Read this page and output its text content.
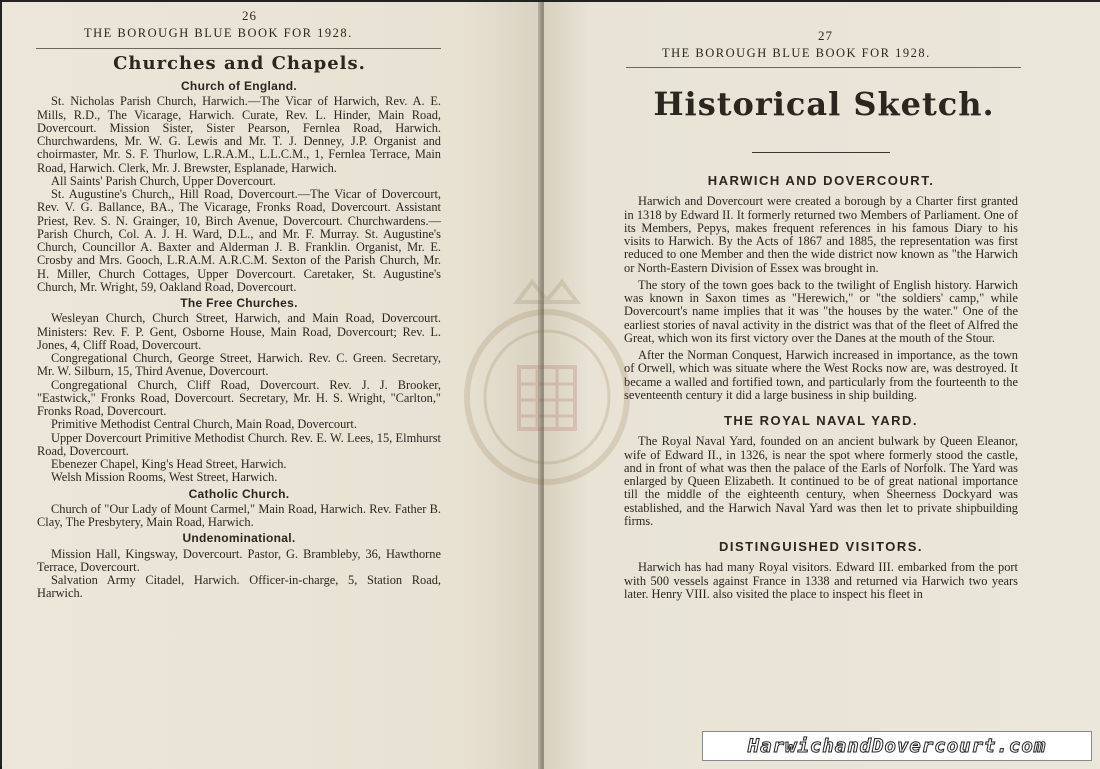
26
THE BOROUGH BLUE BOOK FOR 1928.
Churches and Chapels.
Church of England.

St. Nicholas Parish Church, Harwich.—The Vicar of Harwich, Rev. A. E. Mills, R.D., The Vicarage, Harwich. Curate, Rev. L. Hinder, Main Road, Dovercourt. Mission Sister, Sister Pearson, Fernlea Road, Harwich. Churchwardens, Mr. W. G. Lewis and Mr. T. J. Denney, J.P. Organist and choirmaster, Mr. S. F. Thurlow, L.R.A.M., L.L.C.M., 1, Fernlea Terrace, Main Road, Harwich. Clerk, Mr. J. Brewster, Esplanade, Harwich.

All Saints' Parish Church, Upper Dovercourt.

St. Augustine's Church,, Hill Road, Dovercourt.—The Vicar of Dovercourt, Rev. V. G. Ballance, BA., The Vicarage, Fronks Road, Dovercourt. Assistant Priest, Rev. S. N. Grainger, 10, Birch Avenue, Dovercourt. Churchwardens.—Parish Church, Col. A. J. H. Ward, D.L., and Mr. F. Murray. St. Augustine's Church, Councillor A. Baxter and Alderman J. B. Franklin. Organist, Mr. E. Crosby and Mrs. Gooch, L.R.A.M. A.R.C.M. Sexton of the Parish Church, Mr. H. Miller, Church Cottages, Upper Dovercourt. Caretaker, St. Augustine's Church, Mr. Wright, 59, Oakland Road, Dovercourt.

The Free Churches.

Wesleyan Church, Church Street, Harwich, and Main Road, Dovercourt. Ministers: Rev. F. P. Gent, Osborne House, Main Road, Dovercourt; Rev. L. Jones, 4, Cliff Road, Dovercourt.

Congregational Church, George Street, Harwich. Rev. C. Green. Secretary, Mr. W. Silburn, 15, Third Avenue, Dovercourt.

Congregational Church, Cliff Road, Dovercourt. Rev. J. J. Brooker, "Eastwick," Fronks Road, Dovercourt. Secretary, Mr. H. S. Wright, "Carlton," Fronks Road, Dovercourt.

Primitive Methodist Central Church, Main Road, Dovercourt.

Upper Dovercourt Primitive Methodist Church. Rev. E. W. Lees, 15, Elmhurst Road, Dovercourt.

Ebenezer Chapel, King's Head Street, Harwich.

Welsh Mission Rooms, West Street, Harwich.

Catholic Church.

Church of "Our Lady of Mount Carmel," Main Road, Harwich. Rev. Father B. Clay, The Presbytery, Main Road, Harwich.

Undenominational.

Mission Hall, Kingsway, Dovercourt. Pastor, G. Brambleby, 36, Hawthorne Terrace, Dovercourt.

Salvation Army Citadel, Harwich. Officer-in-charge, 5, Station Road, Harwich.

27
THE BOROUGH BLUE BOOK FOR 1928.
Historical Sketch.
HARWICH AND DOVERCOURT.

Harwich and Dovercourt were created a borough by a Charter first granted in 1318 by Edward II. It formerly returned two Members of Parliament. One of its Members, Pepys, makes frequent references in his famous Diary to his visits to Harwich. By the Acts of 1867 and 1885, the representation was first reduced to one Member and then the wide district now known as "the Harwich or North-Eastern Division of Essex was brought in.

The story of the town goes back to the twilight of English history. Harwich was known in Saxon times as "Herewich," or "the soldiers' camp," while Dovercourt's name implies that it was "the houses by the water." One of the earliest stories of naval activity in the district was that of the fleet of Alfred the Great, which won its first victory over the Danes at the mouth of the Stour.

After the Norman Conquest, Harwich increased in importance, as the town of Orwell, which was situate where the West Rocks now are, was destroyed. It became a walled and fortified town, and particularly from the fourteenth to the seventeenth century it did a large business in ship building.

THE ROYAL NAVAL YARD.

The Royal Naval Yard, founded on an ancient bulwark by Queen Eleanor, wife of Edward II., in 1326, is near the spot where formerly stood the castle, and in front of what was then the palace of the Earls of Norfolk. The Yard was enlarged by Queen Elizabeth. It continued to be of great national importance till the middle of the eighteenth century, when Sheerness Dockyard was established, and the Harwich Naval Yard was then let to private shipbuilding firms.

DISTINGUISHED VISITORS.

Harwich has had many Royal visitors. Edward III. embarked from the port with 500 vessels against France in 1338 and returned via Harwich two years later. Henry VIII. also visited the place to inspect his fleet in

HarwichandDovercourt.com
